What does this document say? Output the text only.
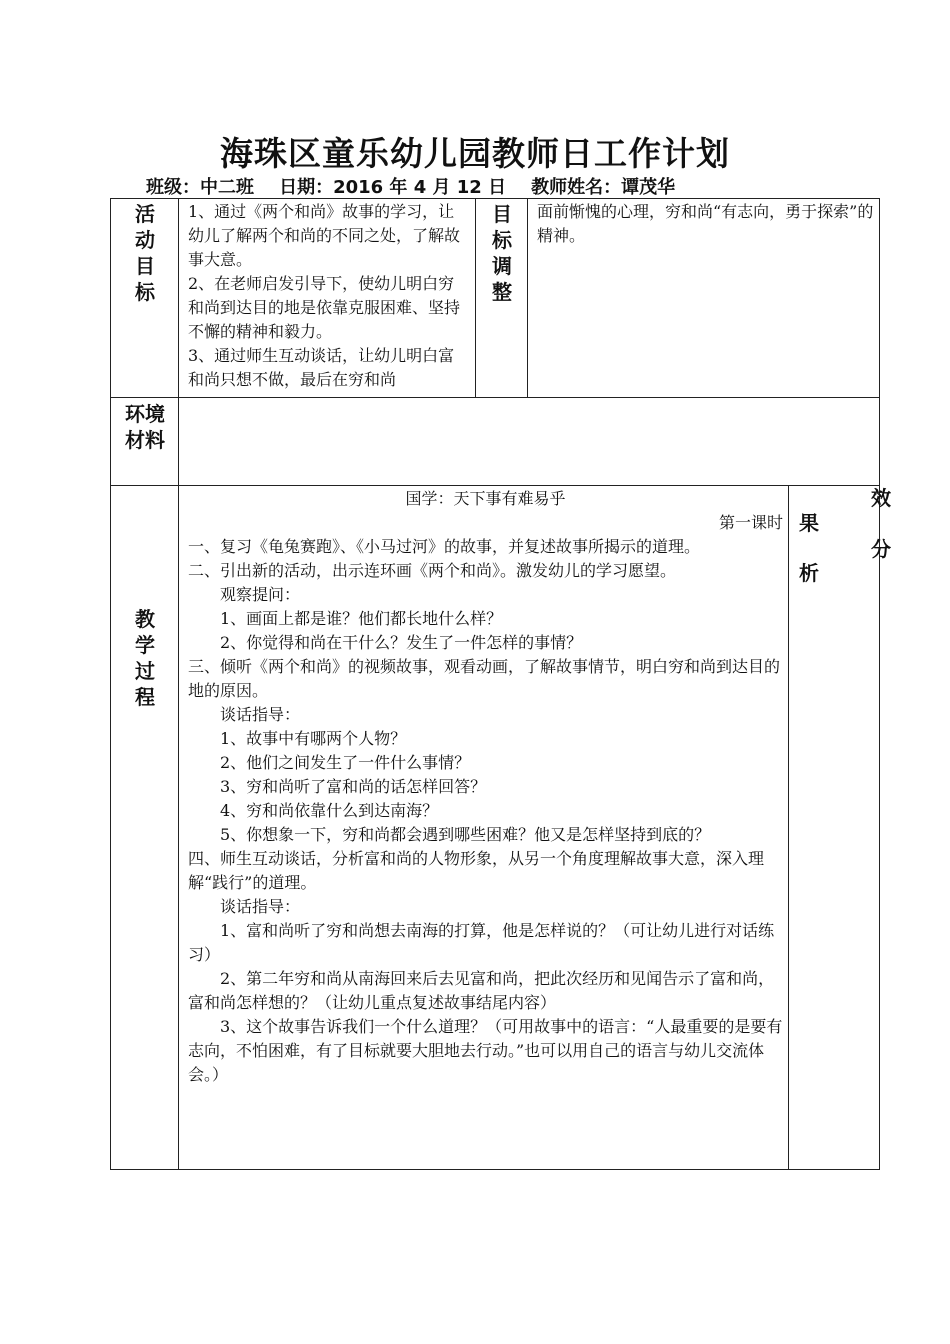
海珠区童乐幼儿园教师日工作计划
班级：中二班    日期：2016 年 4 月 12 日    教师姓名：谭茂华
活
动
目
标

1、通过《两个和尚》故事的学习，让幼儿了解两个和尚的不同之处，了解故事大意。

2、在老师启发引导下，使幼儿明白穷和尚到达目的地是依靠克服困难、坚持不懈的精神和毅力。

3、通过师生互动谈话，让幼儿明白富和尚只想不做，最后在穷和尚

目
标
调
整
面前惭愧的心理，穷和尚“有志向，勇于探索”的精神。
环境
材料
教
学
过
程

国学：天下事有难易乎

第一课时

一、复习《龟兔赛跑》、《小马过河》的故事，并复述故事所揭示的道理。

二、引出新的活动，出示连环画《两个和尚》。激发幼儿的学习愿望。

观察提问：

1、画面上都是谁？他们都长地什么样？

2、你觉得和尚在干什么？发生了一件怎样的事情？

三、倾听《两个和尚》的视频故事，观看动画，了解故事情节，明白穷和尚到达目的地的原因。

谈话指导：

1、故事中有哪两个人物？

2、他们之间发生了一件什么事情？

3、穷和尚听了富和尚的话怎样回答？

4、穷和尚依靠什么到达南海？

5、你想象一下，穷和尚都会遇到哪些困难？他又是怎样坚持到底的？

四、师生互动谈话，分析富和尚的人物形象，从另一个角度理解故事大意，深入理解“践行”的道理。

谈话指导：

1、富和尚听了穷和尚想去南海的打算，他是怎样说的？（可让幼儿进行对话练习）

2、第二年穷和尚从南海回来后去见富和尚，把此次经历和见闻告示了富和尚，富和尚怎样想的？（让幼儿重点复述故事结尾内容）

3、这个故事告诉我们一个什么道理？（可用故事中的语言：“人最重要的是要有志向，不怕困难，有了目标就要大胆地去行动。”也可以用自己的语言与幼儿交流体会。）

效
果
分
析
